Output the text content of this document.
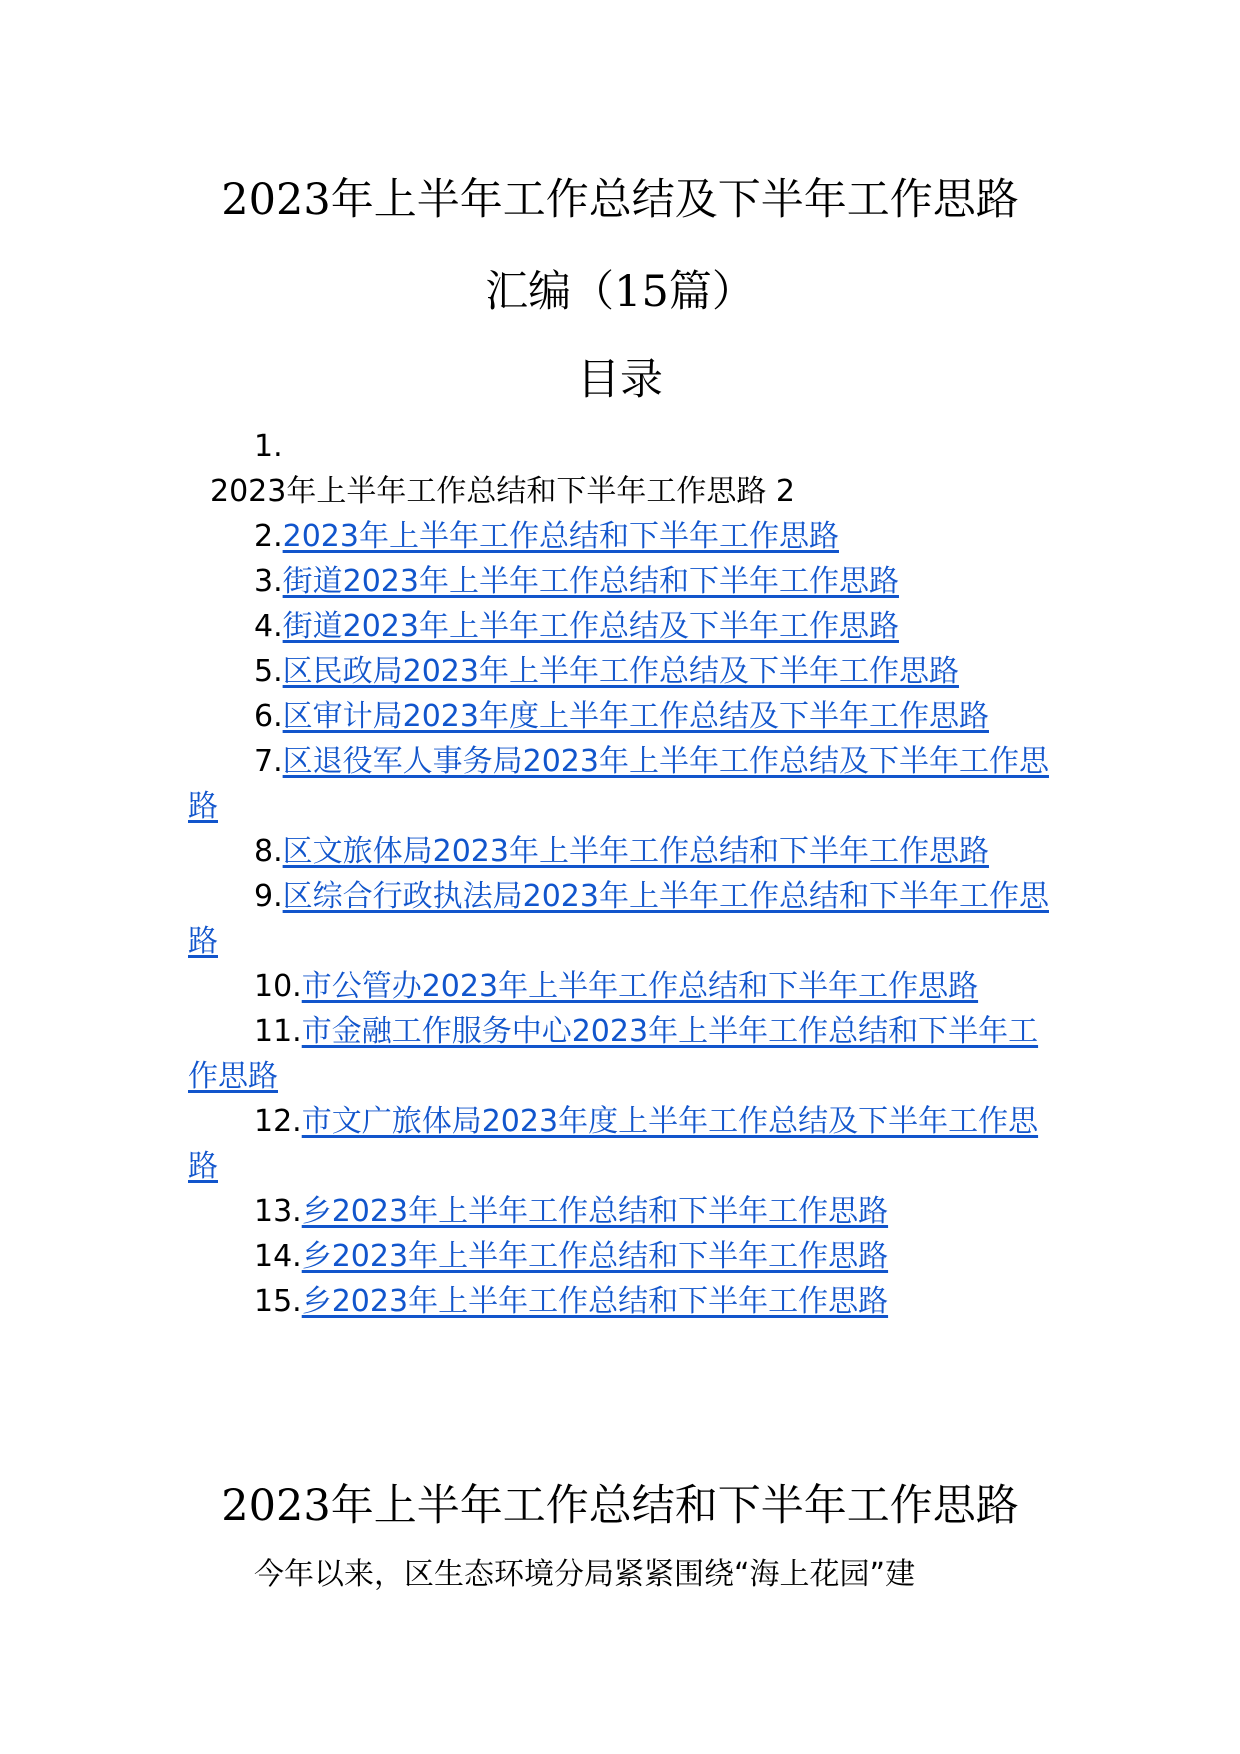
2023年上半年工作总结及下半年工作思路
汇编（15篇）
目录

1.
2023年上半年工作总结和下半年工作思路 2

2.2023年上半年工作总结和下半年工作思路

3.街道2023年上半年工作总结和下半年工作思路

4.街道2023年上半年工作总结及下半年工作思路

5.区民政局2023年上半年工作总结及下半年工作思路

6.区审计局2023年度上半年工作总结及下半年工作思路

7.区退役军人事务局2023年上半年工作总结及下半年工作思路

8.区文旅体局2023年上半年工作总结和下半年工作思路

9.区综合行政执法局2023年上半年工作总结和下半年工作思路

10.市公管办2023年上半年工作总结和下半年工作思路

11.市金融工作服务中心2023年上半年工作总结和下半年工作思路

12.市文广旅体局2023年度上半年工作总结及下半年工作思路

13.乡2023年上半年工作总结和下半年工作思路

14.乡2023年上半年工作总结和下半年工作思路

15.乡2023年上半年工作总结和下半年工作思路

2023年上半年工作总结和下半年工作思路

今年以来，区生态环境分局紧紧围绕“海上花园”建
